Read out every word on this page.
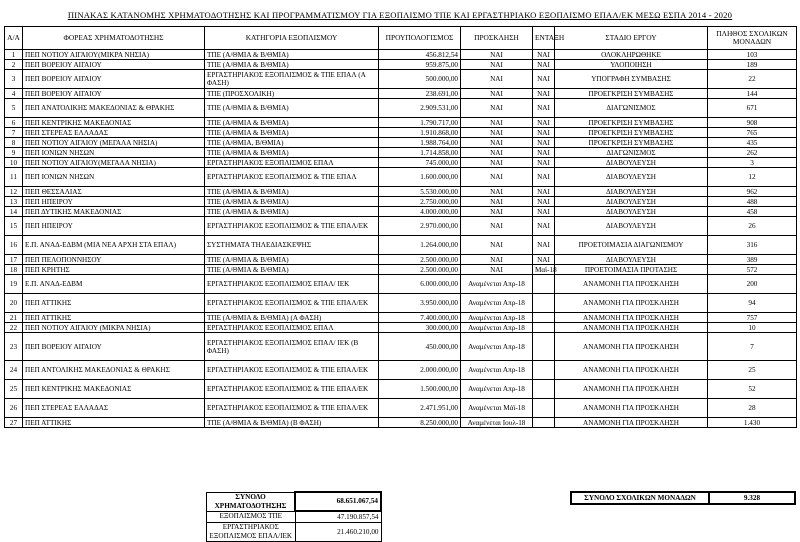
ΠΙΝΑΚΑΣ ΚΑΤΑΝΟΜΗΣ ΧΡΗΜΑΤΟΔΟΤΗΣΗΣ ΚΑΙ ΠΡΟΓΡΑΜΜΑΤΙΣΜΟΥ ΓΙΑ ΕΞΟΠΛΙΣΜΟ ΤΠΕ ΚΑΙ ΕΡΓΑΣΤΗΡΙΑΚΟ ΕΞΟΠΛΙΣΜΟ ΕΠΑΛ/ΕΚ ΜΕΣΩ ΕΣΠΑ 2014 - 2020
Α/Α	ΦΟΡΕΑΣ ΧΡΗΜΑΤΟΔΟΤΗΣΗΣ	ΚΑΤΗΓΟΡΙΑ ΕΞΟΠΛΙΣΜΟΥ	ΠΡΟΥΠΟΛΟΓΙΣΜΟΣ	ΠΡΟΣΚΛΗΣΗ	ΕΝΤΑΞΗ	ΣΤΑΔΙΟ ΕΡΓΟΥ	ΠΛΗΘΟΣ ΣΧΟΛΙΚΩΝ ΜΟΝΑΔΩΝ
1	ΠΕΠ ΝΟΤΙΟΥ ΑΙΓΑΙΟΥ(ΜΙΚΡΑ ΝΗΣΙΑ)	ΤΠΕ (Α/ΘΜΙΑ & Β/ΘΜΙΑ)	456.812,54	ΝΑΙ	ΝΑΙ	ΟΛΟΚΛΗΡΩΘΗΚΕ	103
2	ΠΕΠ ΒΟΡΕΙΟΥ ΑΙΓΑΙΟΥ	ΤΠΕ (Α/ΘΜΙΑ & Β/ΘΜΙΑ)	959.875,00	ΝΑΙ	ΝΑΙ	ΥΛΟΠΟΙΗΣΗ	189
3	ΠΕΠ ΒΟΡΕΙΟΥ ΑΙΓΑΙΟΥ	ΕΡΓΑΣΤΗΡΙΑΚΟΣ ΕΞΟΠΛΙΣΜΟΣ & ΤΠΕ ΕΠΑΛ (Α ΦΑΣΗ)	500.000,00	ΝΑΙ	ΝΑΙ	ΥΠΟΓΡΑΦΗ ΣΥΜΒΑΣΗΣ	22
4	ΠΕΠ ΒΟΡΕΙΟΥ ΑΙΓΑΙΟΥ	ΤΠΕ (ΠΡΟΣΧΟΛΙΚΗ)	238.691,00	ΝΑΙ	ΝΑΙ	ΠΡΟΕΓΚΡΙΣΗ ΣΥΜΒΑΣΗΣ	144
5	ΠΕΠ ΑΝΑΤΟΛΙΚΗΣ ΜΑΚΕΔΟΝΙΑΣ & ΘΡΑΚΗΣ	ΤΠΕ (Α/ΘΜΙΑ & Β/ΘΜΙΑ)	2.909.531,00	ΝΑΙ	ΝΑΙ	ΔΙΑΓΩΝΙΣΜΟΣ	671
6	ΠΕΠ ΚΕΝΤΡΙΚΗΣ ΜΑΚΕΔΟΝΙΑΣ	ΤΠΕ (Α/ΘΜΙΑ & Β/ΘΜΙΑ)	1.790.717,00	ΝΑΙ	ΝΑΙ	ΠΡΟΕΓΚΡΙΣΗ ΣΥΜΒΑΣΗΣ	908
7	ΠΕΠ ΣΤΕΡΕΑΣ ΕΛΛΑΔΑΣ	ΤΠΕ (Α/ΘΜΙΑ & Β/ΘΜΙΑ)	1.910.868,00	ΝΑΙ	ΝΑΙ	ΠΡΟΕΓΚΡΙΣΗ ΣΥΜΒΑΣΗΣ	765
8	ΠΕΠ ΝΟΤΙΟΥ ΑΙΓΑΙΟΥ (ΜΕΓΑΛΑ ΝΗΣΙΑ)	ΤΠΕ (Α/ΘΜΙΑ, Β/ΘΜΙΑ)	1.988.764,00	ΝΑΙ	ΝΑΙ	ΠΡΟΕΓΚΡΙΣΗ ΣΥΜΒΑΣΗΣ	435
9	ΠΕΠ ΙΟΝΙΩΝ ΝΗΣΩΝ	ΤΠΕ (Α/ΘΜΙΑ & Β/ΘΜΙΑ)	1.714.858,00	ΝΑΙ	ΝΑΙ	ΔΙΑΓΩΝΙΣΜΟΣ	262
10	ΠΕΠ ΝΟΤΙΟΥ ΑΙΓΑΙΟΥ(ΜΕΓΑΛΑ ΝΗΣΙΑ)	ΕΡΓΑΣΤΗΡΙΑΚΟΣ ΕΞΟΠΛΙΣΜΟΣ ΕΠΑΛ	745.000,00	ΝΑΙ	ΝΑΙ	ΔΙΑΒΟΥΛΕΥΣΗ	3
11	ΠΕΠ ΙΟΝΙΩΝ ΝΗΣΩΝ	ΕΡΓΑΣΤΗΡΙΑΚΟΣ ΕΞΟΠΛΙΣΜΟΣ & ΤΠΕ ΕΠΑΛ	1.600.000,00	ΝΑΙ	ΝΑΙ	ΔΙΑΒΟΥΛΕΥΣΗ	12
12	ΠΕΠ ΘΕΣΣΑΛΙΑΣ	ΤΠΕ (Α/ΘΜΙΑ & Β/ΘΜΙΑ)	5.530.000,00	ΝΑΙ	ΝΑΙ	ΔΙΑΒΟΥΛΕΥΣΗ	962
13	ΠΕΠ ΗΠΕΙΡΟΥ	ΤΠΕ (Α/ΘΜΙΑ & Β/ΘΜΙΑ)	2.750.000,00	ΝΑΙ	ΝΑΙ	ΔΙΑΒΟΥΛΕΥΣΗ	488
14	ΠΕΠ ΔΥΤΙΚΗΣ ΜΑΚΕΔΟΝΙΑΣ	ΤΠΕ (Α/ΘΜΙΑ & Β/ΘΜΙΑ)	4.000.000,00	ΝΑΙ	ΝΑΙ	ΔΙΑΒΟΥΛΕΥΣΗ	458
15	ΠΕΠ ΗΠΕΙΡΟΥ	ΕΡΓΑΣΤΗΡΙΑΚΟΣ ΕΞΟΠΛΙΣΜΟΣ & ΤΠΕ ΕΠΑΛ/ΕΚ	2.970.000,00	ΝΑΙ	ΝΑΙ	ΔΙΑΒΟΥΛΕΥΣΗ	26
16	Ε.Π. ΑΝΑΔ-ΕΔΒΜ (ΜΙΑ ΝΕΑ ΑΡΧΗ ΣΤΑ ΕΠΑΛ)	ΣΥΣΤΗΜΑΤΑ ΤΗΛΕΔΙΑΣΚΕΨΗΣ	1.264.000,00	ΝΑΙ	ΝΑΙ	ΠΡΟΕΤΟΙΜΑΣΙΑ ΔΙΑΓΩΝΙΣΜΟΥ	316
17	ΠΕΠ ΠΕΛΟΠΟΝΝΗΣΟΥ	ΤΠΕ (Α/ΘΜΙΑ & Β/ΘΜΙΑ)	2.500.000,00	ΝΑΙ	ΝΑΙ	ΔΙΑΒΟΥΛΕΥΣΗ	389
18	ΠΕΠ ΚΡΗΤΗΣ	ΤΠΕ (Α/ΘΜΙΑ & Β/ΘΜΙΑ)	2.500.000,00	ΝΑΙ	Μαϊ-18	ΠΡΟΕΤΟΙΜΑΣΙΑ ΠΡΟΤΑΣΗΣ	572
19	Ε.Π. ΑΝΑΔ-ΕΔΒΜ	ΕΡΓΑΣΤΗΡΙΑΚΟΣ ΕΞΟΠΛΙΣΜΟΣ ΕΠΑΛ/ ΙΕΚ	6.000.000,00	Αναμένεται Απρ-18		ΑΝΑΜΟΝΗ ΓΙΑ ΠΡΟΣΚΛΗΣΗ	200
20	ΠΕΠ ΑΤΤΙΚΗΣ	ΕΡΓΑΣΤΗΡΙΑΚΟΣ ΕΞΟΠΛΙΣΜΟΣ & ΤΠΕ ΕΠΑΛ/ΕΚ	3.950.000,00	Αναμένεται Απρ-18		ΑΝΑΜΟΝΗ ΓΙΑ ΠΡΟΣΚΛΗΣΗ	94
21	ΠΕΠ ΑΤΤΙΚΗΣ	ΤΠΕ (Α/ΘΜΙΑ & Β/ΘΜΙΑ) (Α ΦΑΣΗ)	7.400.000,00	Αναμένεται Απρ-18		ΑΝΑΜΟΝΗ ΓΙΑ ΠΡΟΣΚΛΗΣΗ	757
22	ΠΕΠ ΝΟΤΙΟΥ ΑΙΓΑΙΟΥ (ΜΙΚΡΑ ΝΗΣΙΑ)	ΕΡΓΑΣΤΗΡΙΑΚΟΣ ΕΞΟΠΛΙΣΜΟΣ ΕΠΑΛ	300.000,00	Αναμένεται Απρ-18		ΑΝΑΜΟΝΗ ΓΙΑ ΠΡΟΣΚΛΗΣΗ	10
23	ΠΕΠ ΒΟΡΕΙΟΥ ΑΙΓΑΙΟΥ	ΕΡΓΑΣΤΗΡΙΑΚΟΣ ΕΞΟΠΛΙΣΜΟΣ ΕΠΑΛ/ ΙΕΚ (Β ΦΑΣΗ)	450.000,00	Αναμένεται Απρ-18		ΑΝΑΜΟΝΗ ΓΙΑ ΠΡΟΣΚΛΗΣΗ	7
24	ΠΕΠ ΑΝΤΟΛΙΚΗΣ ΜΑΚΕΔΟΝΙΑΣ & ΘΡΑΚΗΣ	ΕΡΓΑΣΤΗΡΙΑΚΟΣ ΕΞΟΠΛΙΣΜΟΣ & ΤΠΕ ΕΠΑΛ/ΕΚ	2.000.000,00	Αναμένεται Απρ-18		ΑΝΑΜΟΝΗ ΓΙΑ ΠΡΟΣΚΛΗΣΗ	25
25	ΠΕΠ ΚΕΝΤΡΙΚΗΣ ΜΑΚΕΔΟΝΙΑΣ	ΕΡΓΑΣΤΗΡΙΑΚΟΣ ΕΞΟΠΛΙΣΜΟΣ & ΤΠΕ ΕΠΑΛ/ΕΚ	1.500.000,00	Αναμένεται Απρ-18		ΑΝΑΜΟΝΗ ΓΙΑ ΠΡΟΣΚΛΗΣΗ	52
26	ΠΕΠ ΣΤΕΡΕΑΣ ΕΛΛΑΔΑΣ	ΕΡΓΑΣΤΗΡΙΑΚΟΣ ΕΞΟΠΛΙΣΜΟΣ & ΤΠΕ ΕΠΑΛ/ΕΚ	2.471.951,00	Αναμένεται Μάϊ-18		ΑΝΑΜΟΝΗ ΓΙΑ ΠΡΟΣΚΛΗΣΗ	28
27	ΠΕΠ ΑΤΤΙΚΗΣ	ΤΠΕ (Α/ΘΜΙΑ & Β/ΘΜΙΑ) (Β ΦΑΣΗ)	8.250.000,00	Αναμένεται Ιουλ-18		ΑΝΑΜΟΝΗ ΓΙΑ ΠΡΟΣΚΛΗΣΗ	1.430
ΣΥΝΟΛΟ ΧΡΗΜΑΤΟΔΟΤΗΣΗΣ	68.651.067,54
ΕΞΟΠΛΙΣΜΟΣ ΤΠΕ	47.190.857,54
ΕΡΓΑΣΤΗΡΙΑΚΟΣ ΕΞΟΠΛΙΣΜΟΣ ΕΠΑΛ/ΙΕΚ	21.460.210,00
ΣΥΝΟΛΟ ΣΧΟΛΙΚΩΝ ΜΟΝΑΔΩΝ	9.328
